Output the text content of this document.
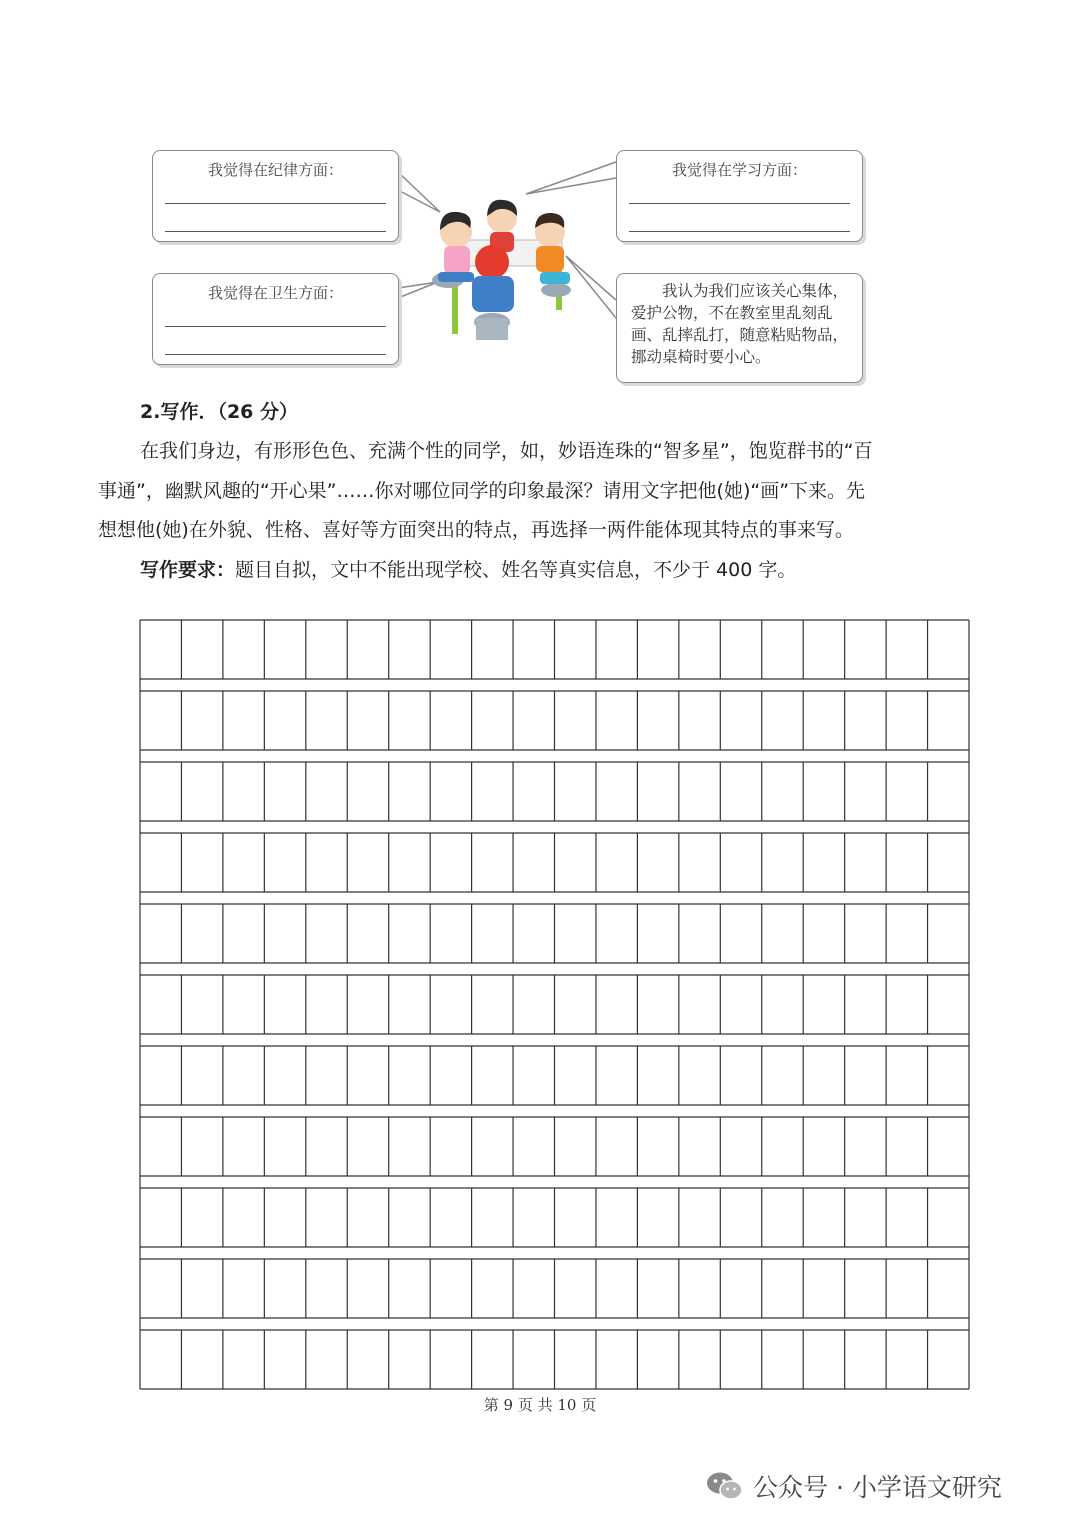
我觉得在纪律方面：	我觉得在学习方面：
我觉得在卫生方面：	我认为我们应该关心集体，爱护公物，不在教室里乱刻乱画、乱摔乱打，随意粘贴物品，挪动桌椅时要小心。
2.写作．（26 分）
在我们身边，有形形色色、充满个性的同学，如，妙语连珠的“智多星”，饱览群书的“百
事通”，幽默风趣的“开心果”……你对哪位同学的印象最深？请用文字把他(她)“画”下来。先
想想他(她)在外貌、性格、喜好等方面突出的特点，再选择一两件能体现其特点的事来写。
写作要求：题目自拟，文中不能出现学校、姓名等真实信息，不少于 400 字。
第 9 页 共 10 页
公众号 · 小学语文研究
